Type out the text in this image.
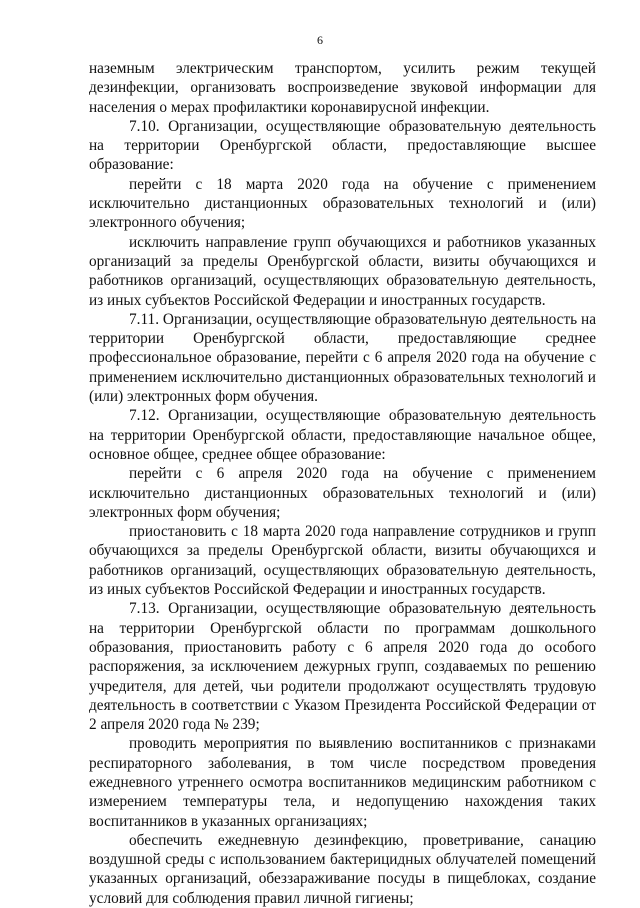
6

наземным электрическим транспортом, усилить режим текущей дезинфекции, организовать воспроизведение звуковой информации для населения о мерах профилактики коронавирусной инфекции.

7.10. Организации, осуществляющие образовательную деятельность на территории Оренбургской области, предоставляющие высшее образование:

перейти с 18 марта 2020 года на обучение с применением исключительно дистанционных образовательных технологий и (или) электронного обучения;

исключить направление групп обучающихся и работников указанных организаций за пределы Оренбургской области, визиты обучающихся и работников организаций, осуществляющих образовательную деятельность, из иных субъектов Российской Федерации и иностранных государств.

7.11. Организации, осуществляющие образовательную деятельность на территории Оренбургской области, предоставляющие среднее профессиональное образование, перейти с 6 апреля 2020 года на обучение с применением исключительно дистанционных образовательных технологий и (или) электронных форм обучения.

7.12. Организации, осуществляющие образовательную деятельность на территории Оренбургской области, предоставляющие начальное общее, основное общее, среднее общее образование:

перейти с 6 апреля 2020 года на обучение с применением исключительно дистанционных образовательных технологий и (или) электронных форм обучения;

приостановить с 18 марта 2020 года направление сотрудников и групп обучающихся за пределы Оренбургской области, визиты обучающихся и работников организаций, осуществляющих образовательную деятельность, из иных субъектов Российской Федерации и иностранных государств.

7.13. Организации, осуществляющие образовательную деятельность на территории Оренбургской области по программам дошкольного образования, приостановить работу с 6 апреля 2020 года до особого распоряжения, за исключением дежурных групп, создаваемых по решению учредителя, для детей, чьи родители продолжают осуществлять трудовую деятельность в соответствии с Указом Президента Российской Федерации от 2 апреля 2020 года № 239;

проводить мероприятия по выявлению воспитанников с признаками респираторного заболевания, в том числе посредством проведения ежедневного утреннего осмотра воспитанников медицинским работником с измерением температуры тела, и недопущению нахождения таких воспитанников в указанных организациях;

обеспечить ежедневную дезинфекцию, проветривание, санацию воздушной среды с использованием бактерицидных облучателей помещений указанных организаций, обеззараживание посуды в пищеблоках, создание условий для соблюдения правил личной гигиены;
